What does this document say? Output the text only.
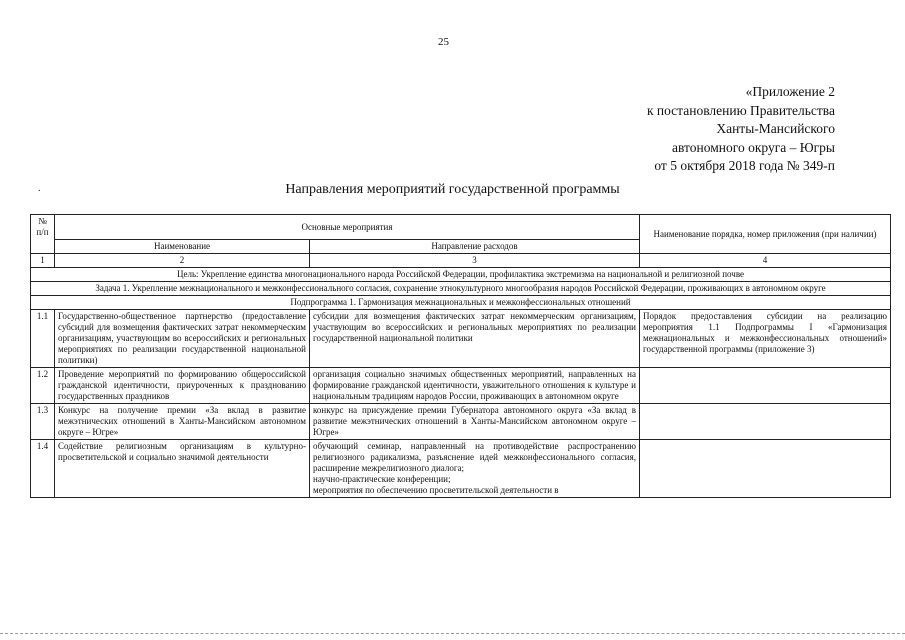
25
«Приложение 2
к постановлению Правительства
Ханты-Мансийского
автономного округа – Югры
от 5 октября 2018 года № 349-п
.	Направления мероприятий государственной программы
№ п/п	Основные мероприятия		Наименование порядка, номер приложения (при наличии)
	Наименование	Направление расходов	
1	2	3	4
Цель: Укрепление единства многонационального народа Российской Федерации, профилактика экстремизма на национальной и религиозной почве			
Задача 1. Укрепление межнационального и межконфессионального согласия, сохранение этнокультурного многообразия народов Российской Федерации, проживающих в автономном округе			
Подпрограмма 1. Гармонизация межнациональных и межконфессиональных отношений			
1.1	Государственно-общественное партнерство (предоставление субсидий для возмещения фактических затрат некоммерческим организациям, участвующим во всероссийских и региональных мероприятиях по реализации государственной национальной политики)	субсидии для возмещения фактических затрат некоммерческим организациям, участвующим во всероссийских и региональных мероприятиях по реализации государственной национальной политики	Порядок предоставления субсидии на реализацию мероприятия 1.1 Подпрограммы I «Гармонизация межнациональных и межконфессиональных отношений» государственной программы (приложение 3)
1.2	Проведение мероприятий по формированию общероссийской гражданской идентичности, приуроченных к празднованию государственных праздников	организация социально значимых общественных мероприятий, направленных на формирование гражданской идентичности, уважительного отношения к культуре и национальным традициям народов России, проживающих в автономном округе	
1.3	Конкурс на получение премии «За вклад в развитие межэтнических отношений в Ханты-Мансийском автономном округе – Югре»	конкурс на присуждение премии Губернатора автономного округа «За вклад в развитие межэтнических отношений в Ханты-Мансийском автономном округе – Югре»	
1.4	Содействие религиозным организациям в культурно-просветительской и социально значимой деятельности	обучающий семинар, направленный на противодействие распространению религиозного радикализма, разъяснение идей межконфессионального согласия, расширение межрелигиозного диалога;
научно-практические конференции;
мероприятия по обеспечению просветительской деятельности в	
